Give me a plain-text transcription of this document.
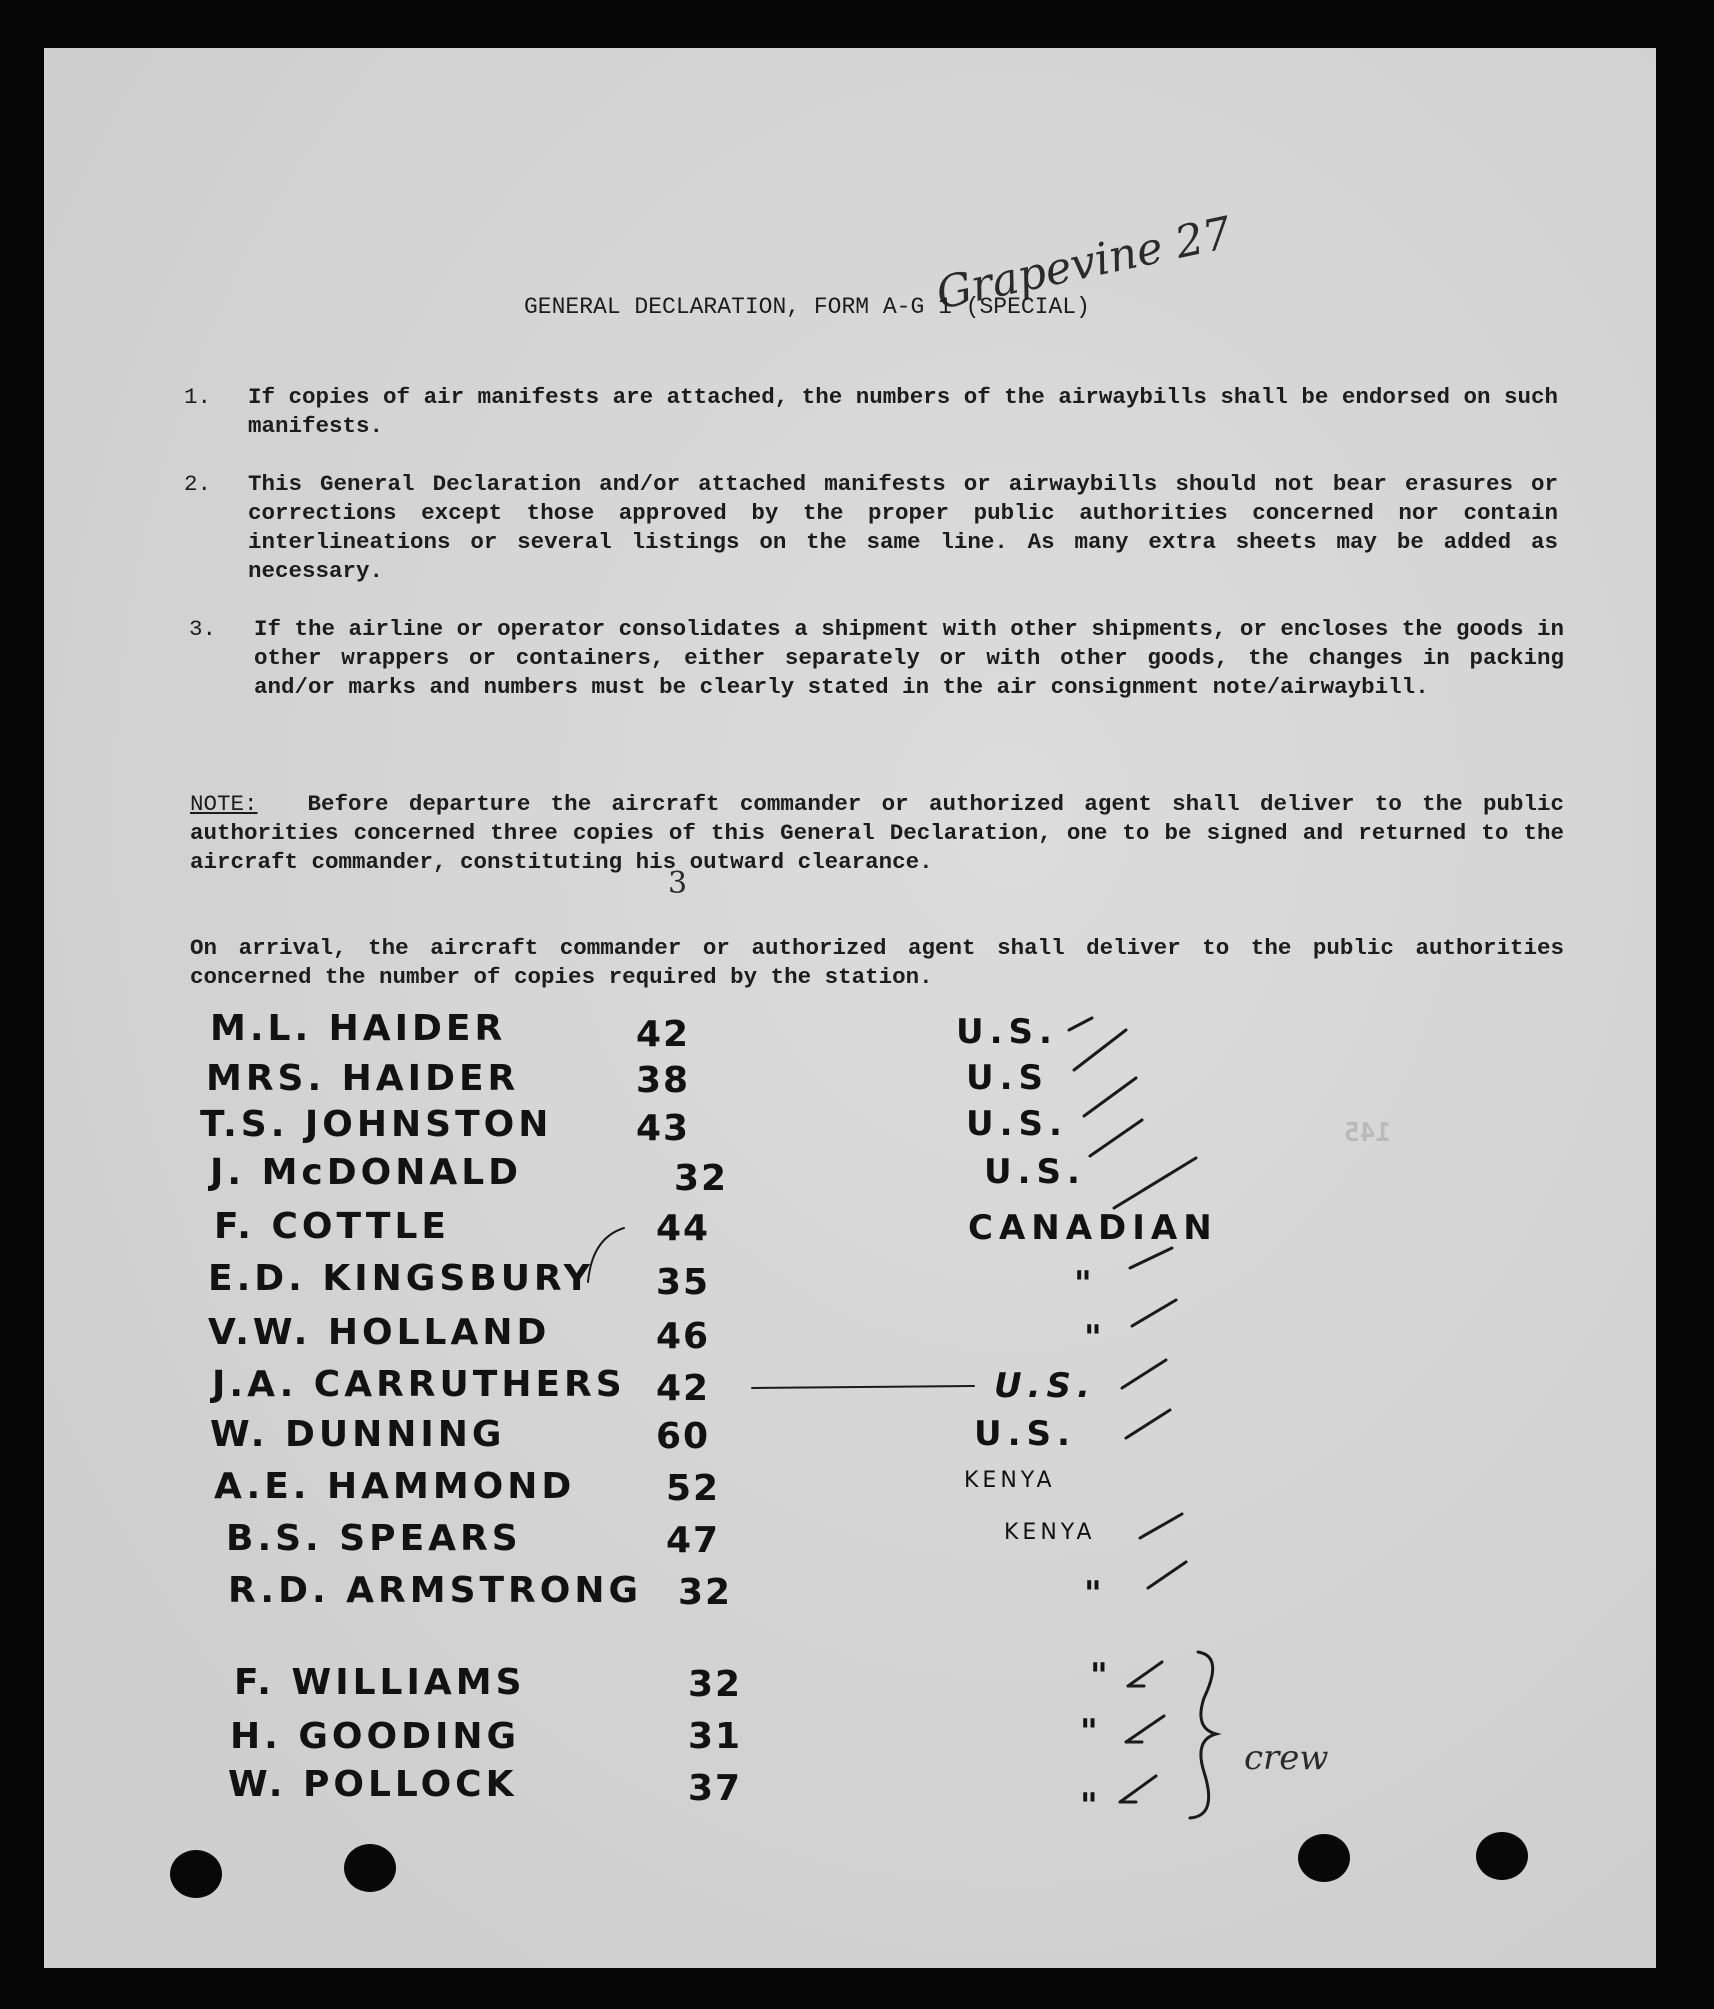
145
Grapevine 27
GENERAL DECLARATION, FORM A-G 1 (SPECIAL)
1. If copies of air manifests are attached, the numbers of the airwaybills shall be endorsed on such manifests.
2. This General Declaration and/or attached manifests or airwaybills should not bear erasures or corrections except those approved by the proper public authorities concerned nor contain interlineations or several listings on the same line. As many extra sheets may be added as necessary.
3. If the airline or operator consolidates a shipment with other shipments, or encloses the goods in other wrappers or containers, either separately or with other goods, the changes in packing and/or marks and numbers must be clearly stated in the air consignment note/airwaybill.
NOTE: Before departure the aircraft commander or authorized agent shall deliver to the public authorities concerned three copies of this General Declaration, one to be signed and returned to the aircraft commander, constituting his outward clearance.
3
On arrival, the aircraft commander or authorized agent shall deliver to the public authorities concerned the number of copies required by the station.
M.L. HAIDER	42	U.S.
MRS. HAIDER	38	U.S
T.S. JOHNSTON 43	U.S.
J. McDONALD	32	U.S.
F. COTTLE	44	CANADIAN
E.D. KINGSBURY 35	"
V.W. HOLLAND	46	"
J.A. CARRUTHERS 42	U.S.
W. DUNNING	60	U.S.
A.E. HAMMOND	52	KENYA
B.S. SPEARS	47	KENYA
R.D. ARMSTRONG 32	"
F. WILLIAMS	32	"
H. GOODING	31	"
W. POLLOCK	37	"
crew
